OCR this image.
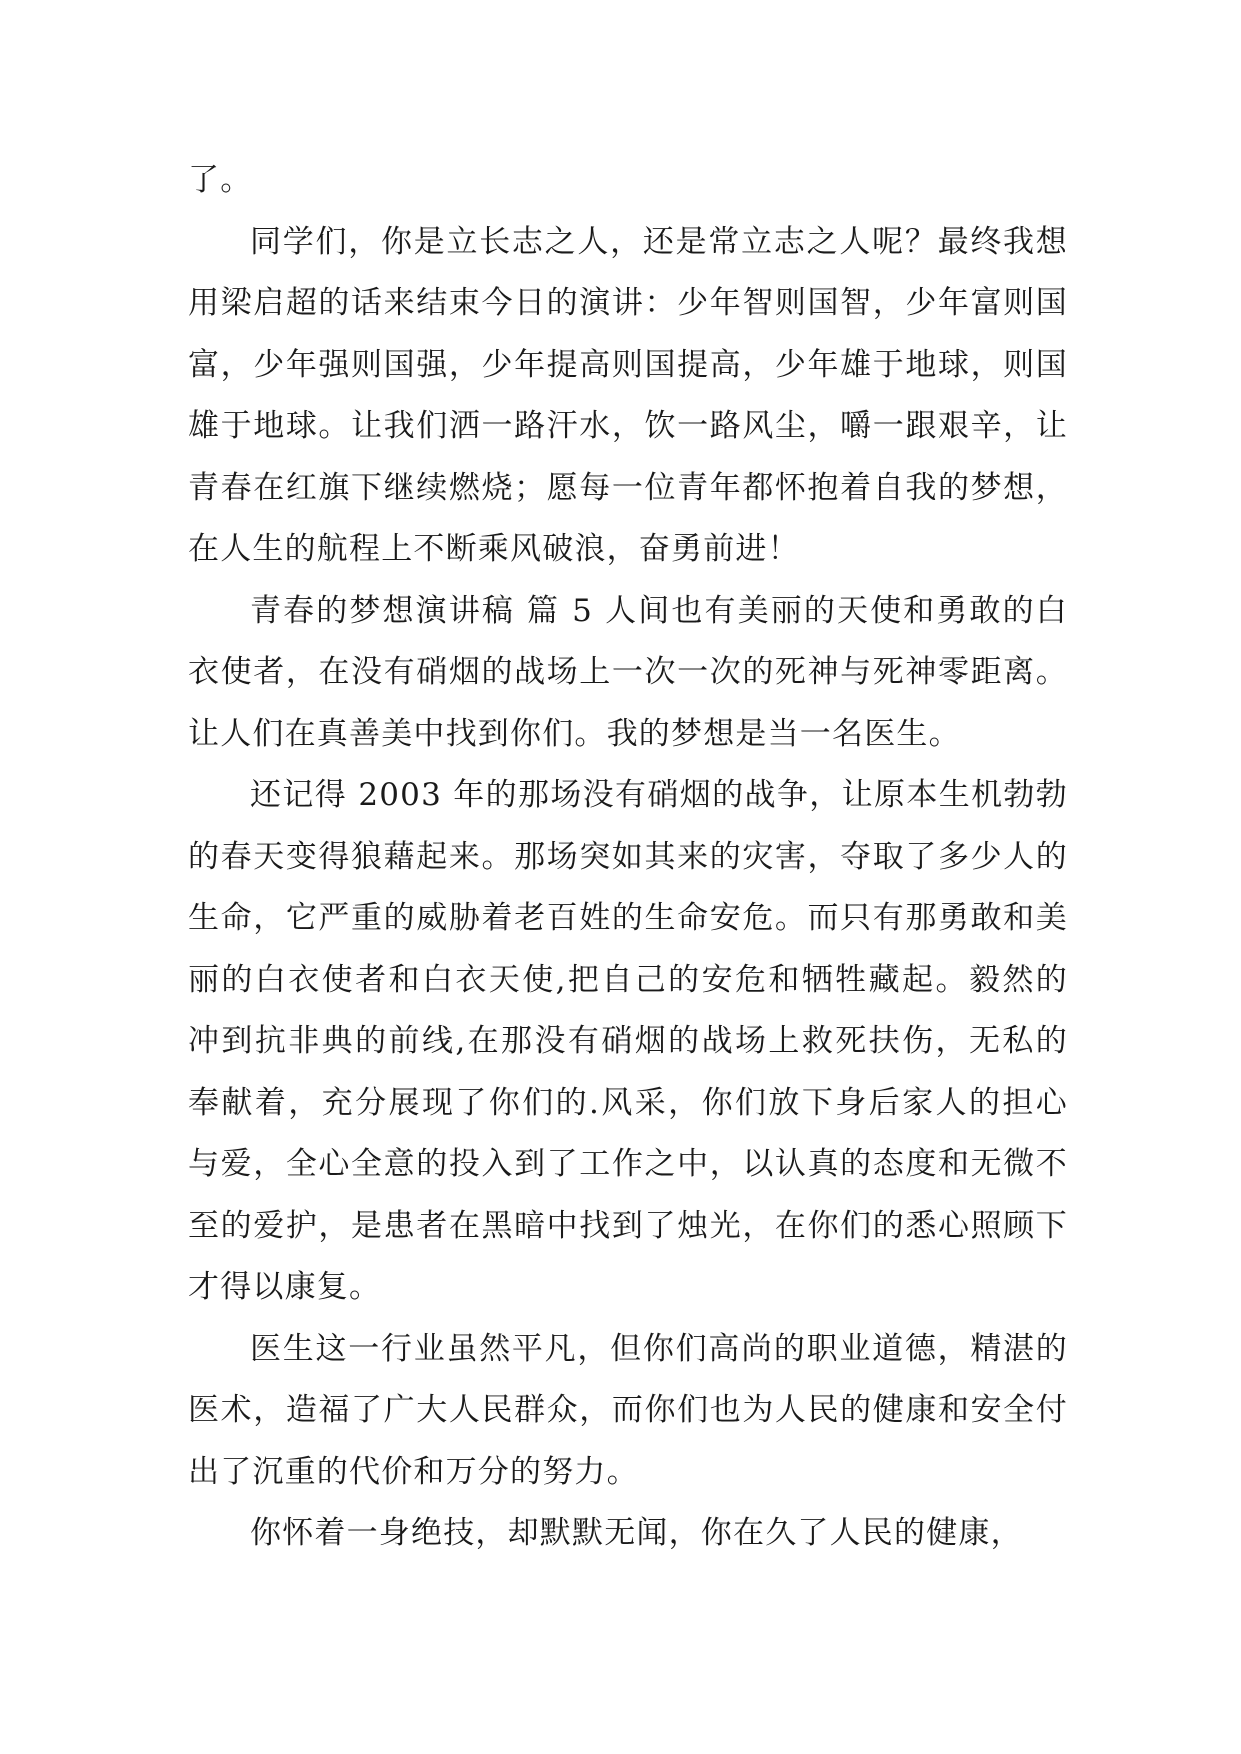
了。

同学们，你是立长志之人，还是常立志之人呢？最终我想用梁启超的话来结束今日的演讲：少年智则国智，少年富则国富，少年强则国强，少年提高则国提高，少年雄于地球，则国雄于地球。让我们洒一路汗水，饮一路风尘，嚼一跟艰辛，让青春在红旗下继续燃烧；愿每一位青年都怀抱着自我的梦想，在人生的航程上不断乘风破浪，奋勇前进！

青春的梦想演讲稿 篇 5 人间也有美丽的天使和勇敢的白衣使者，在没有硝烟的战场上一次一次的死神与死神零距离。让人们在真善美中找到你们。我的梦想是当一名医生。

还记得 2003 年的那场没有硝烟的战争，让原本生机勃勃的春天变得狼藉起来。那场突如其来的灾害，夺取了多少人的生命，它严重的威胁着老百姓的生命安危。而只有那勇敢和美丽的白衣使者和白衣天使,把自己的安危和牺牲藏起。毅然的冲到抗非典的前线,在那没有硝烟的战场上救死扶伤，无私的奉献着，充分展现了你们的.风采，你们放下身后家人的担心与爱，全心全意的投入到了工作之中，以认真的态度和无微不至的爱护，是患者在黑暗中找到了烛光，在你们的悉心照顾下才得以康复。

医生这一行业虽然平凡，但你们高尚的职业道德，精湛的医术，造福了广大人民群众，而你们也为人民的健康和安全付出了沉重的代价和万分的努力。

你怀着一身绝技，却默默无闻，你在久了人民的健康，
